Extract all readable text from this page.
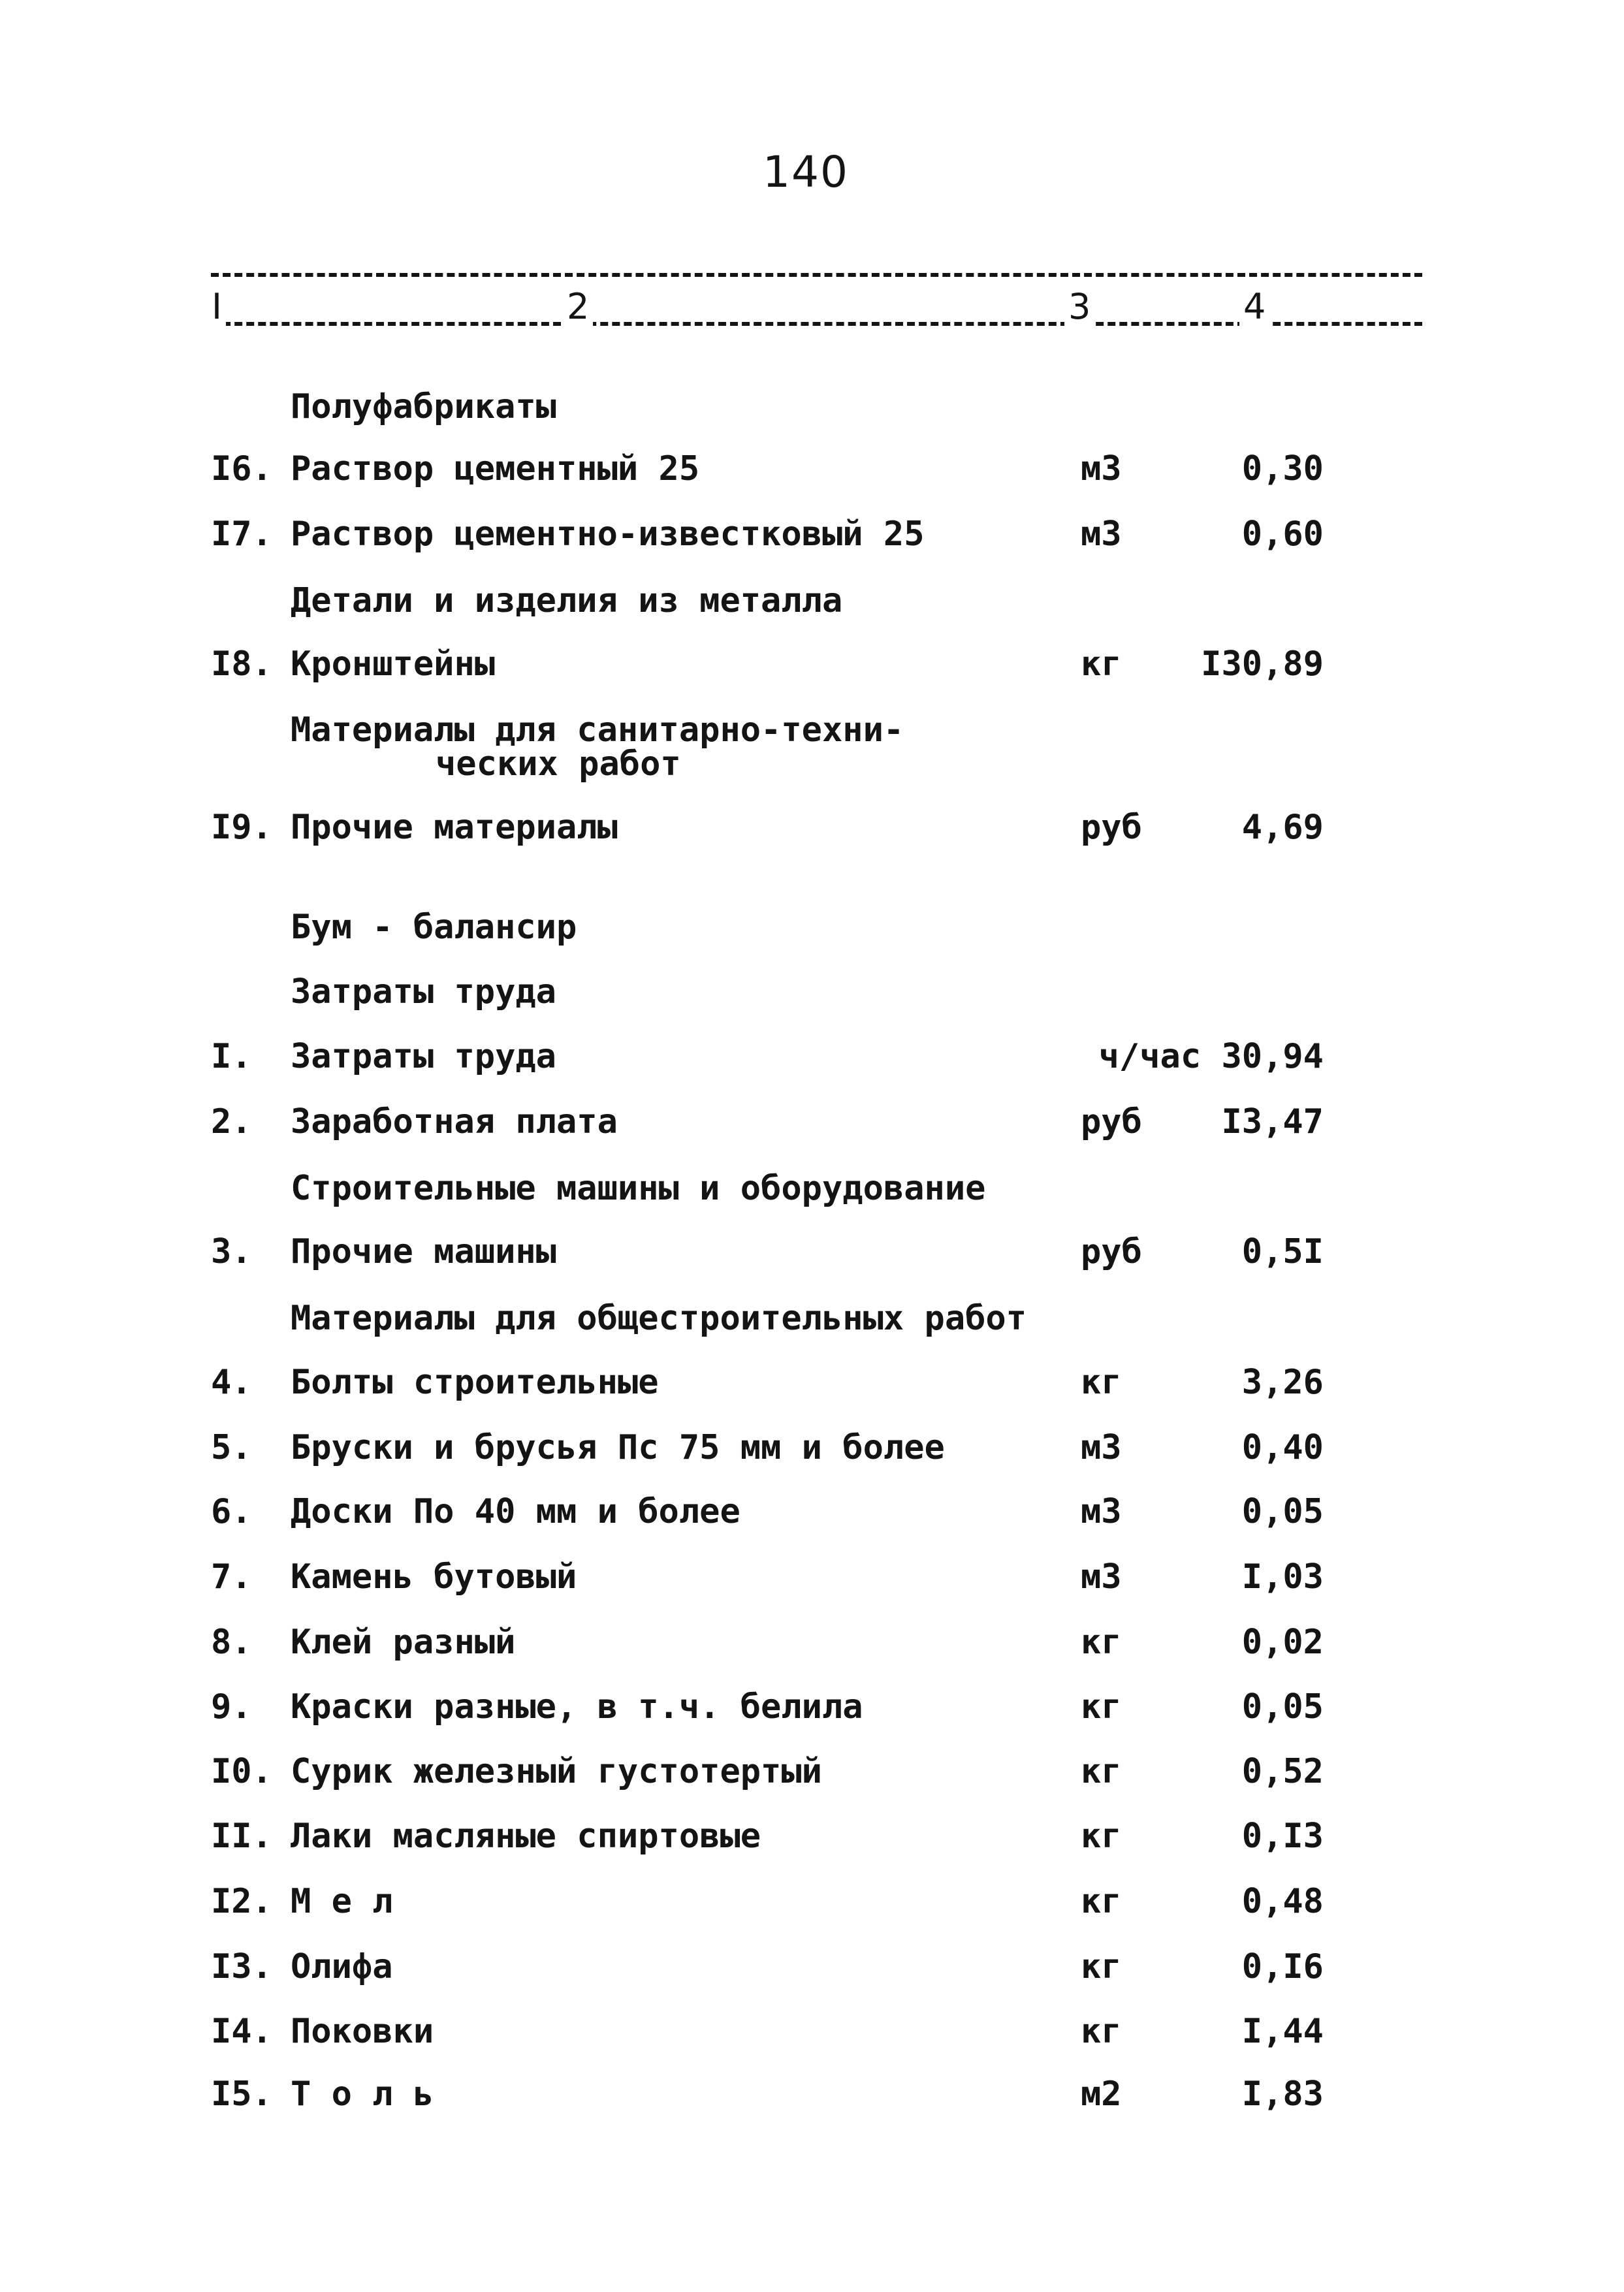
140
I	2	3	4
Полуфабрикаты
I6. Раствор цементный 25	м3	0,30
I7. Раствор цементно-известковый 25	м3	0,60
Детали и изделия из металла
I8. Кронштейны	кг I30,89
Материалы для санитарно-техни-
ческих работ
I9. Прочие материалы	руб	4,69
Бум - балансир
Затраты труда
I. Затраты труда	ч/час 30,94
2. Заработная плата	руб I3,47
Строительные машины и оборудование
3. Прочие машины	руб	0,5I
Материалы для общестроительных работ
4. Болты строительные	кг	3,26
5. Бруски и брусья Пс 75 мм и более	м3	0,40
6. Доски По 40 мм и более	м3	0,05
7. Камень бутовый	м3	I,03
8. Клей разный	кг	0,02
9. Краски разные, в т.ч. белила	кг	0,05
I0. Сурик железный густотертый	кг	0,52
II. Лаки масляные спиртовые	кг	0,I3
I2. М е л	кг	0,48
I3. Олифа	кг	0,I6
I4. Поковки	кг	I,44
I5. Т о л ь	м2	I,83
